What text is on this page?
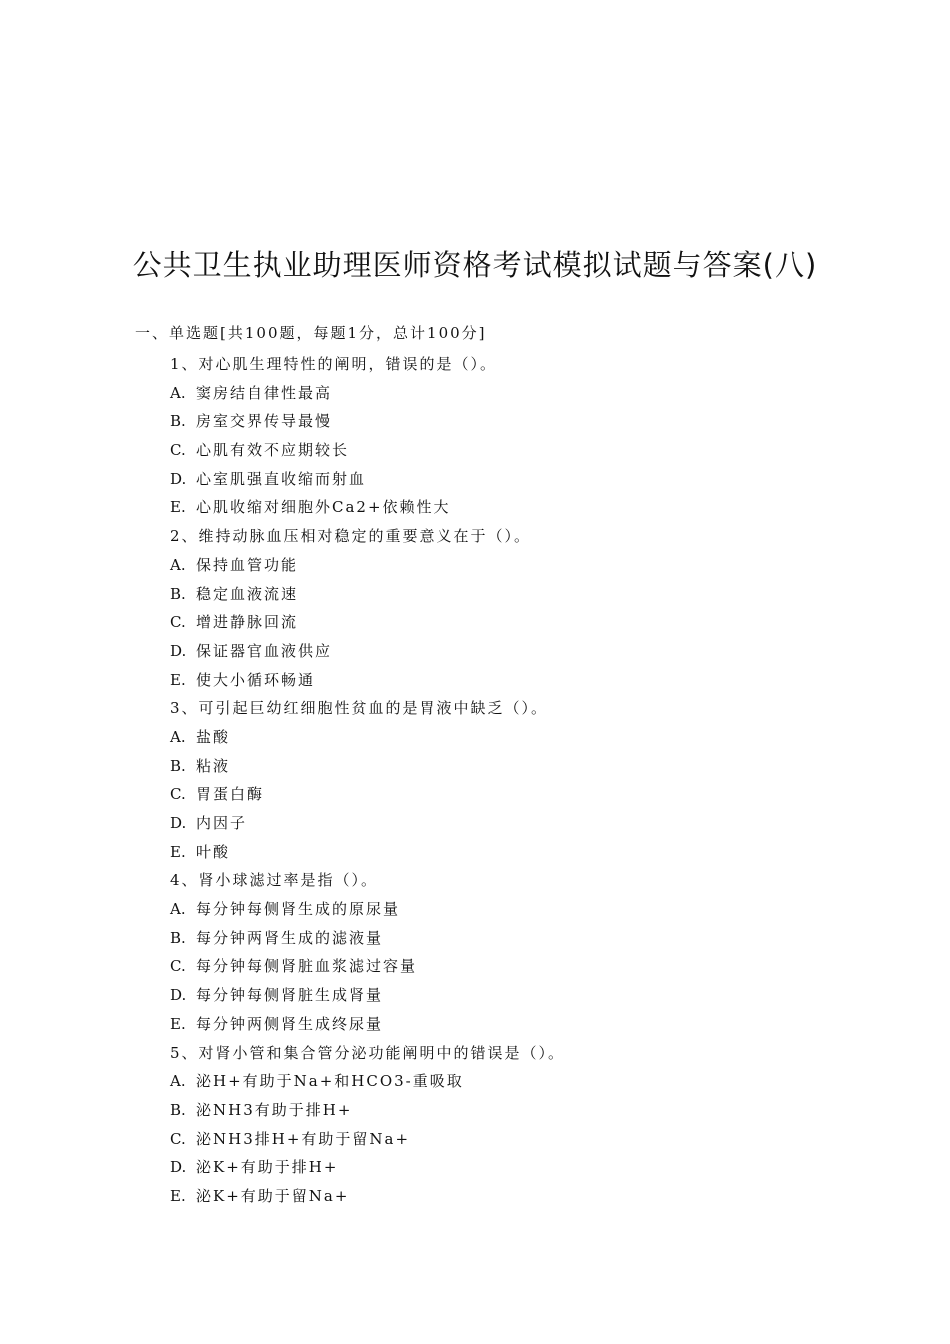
公共卫生执业助理医师资格考试模拟试题与答案(八)
一、单选题[共100题，每题1分，总计100分]
1、对心肌生理特性的阐明，错误的是（）。
A. 窦房结自律性最高
B. 房室交界传导最慢
C. 心肌有效不应期较长
D. 心室肌强直收缩而射血
E. 心肌收缩对细胞外Ca2+依赖性大
2、维持动脉血压相对稳定的重要意义在于（）。
A. 保持血管功能
B. 稳定血液流速
C. 增进静脉回流
D. 保证器官血液供应
E. 使大小循环畅通
3、可引起巨幼红细胞性贫血的是胃液中缺乏（）。
A. 盐酸
B. 粘液
C. 胃蛋白酶
D. 内因子
E. 叶酸
4、肾小球滤过率是指（）。
A. 每分钟每侧肾生成的原尿量
B. 每分钟两肾生成的滤液量
C. 每分钟每侧肾脏血浆滤过容量
D. 每分钟每侧肾脏生成肾量
E. 每分钟两侧肾生成终尿量
5、对肾小管和集合管分泌功能阐明中的错误是（）。
A. 泌H+有助于Na+和HCO3-重吸取
B. 泌NH3有助于排H+
C. 泌NH3排H+有助于留Na+
D. 泌K+有助于排H+
E. 泌K+有助于留Na+
